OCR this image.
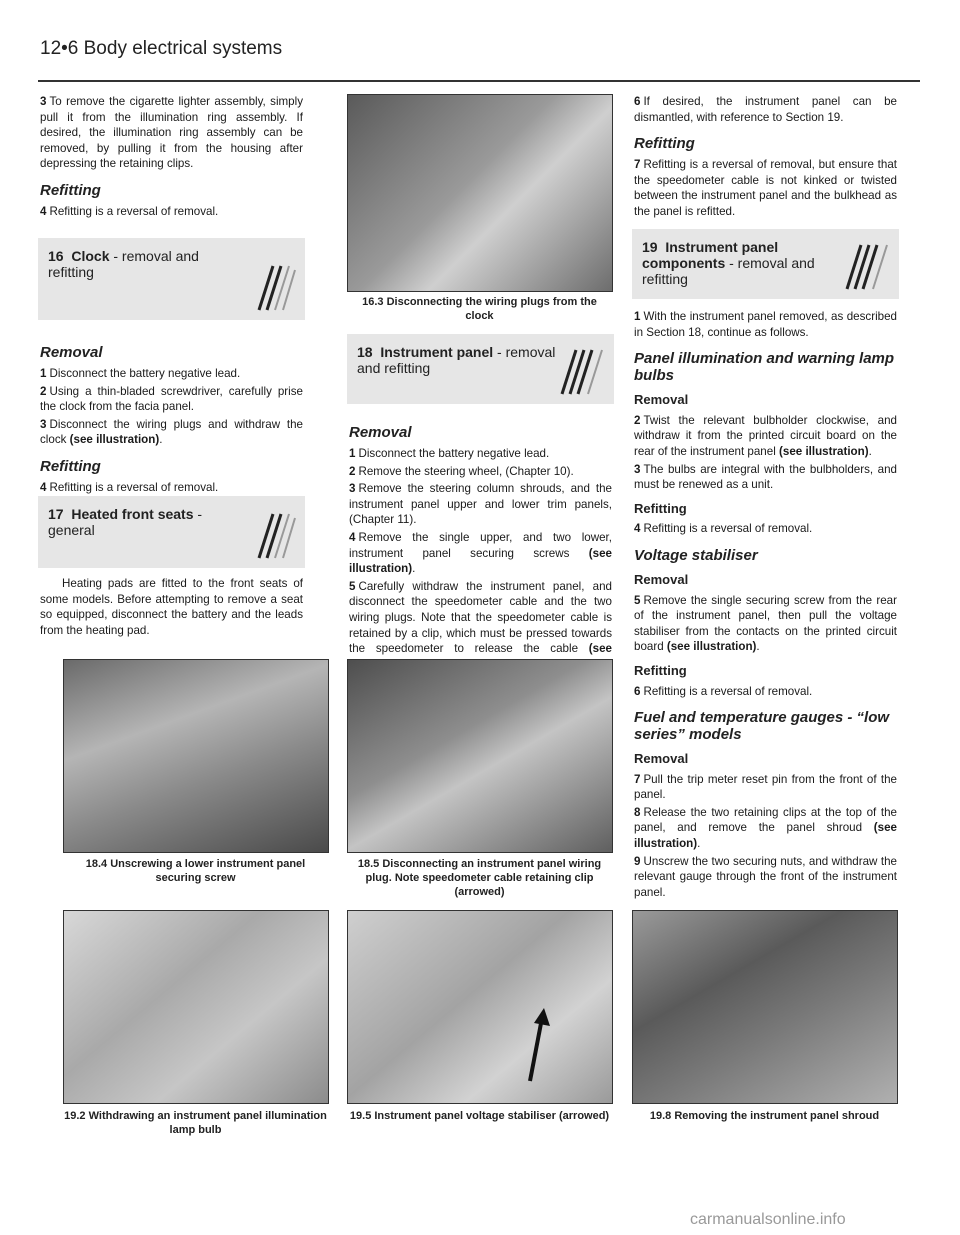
12•6 Body electrical systems

3 To remove the cigarette lighter assembly, simply pull it from the illumination ring assembly. If desired, the illumination ring assembly can be removed, by pulling it from the housing after depressing the retaining clips.

Refitting

4 Refitting is a reversal of removal.

16 Clock - removal and refitting
Removal

1 Disconnect the battery negative lead.

2 Using a thin-bladed screwdriver, carefully prise the clock from the facia panel.

3 Disconnect the wiring plugs and withdraw the clock (see illustration).

Refitting

4 Refitting is a reversal of removal.

17 Heated front seats - general

Heating pads are fitted to the front seats of some models. Before attempting to remove a seat so equipped, disconnect the battery and the leads from the heating pad.

16.3 Disconnecting the wiring plugs from the clock
18 Instrument panel - removal and refitting
Removal

1 Disconnect the battery negative lead.

2 Remove the steering wheel, (Chapter 10).

3 Remove the steering column shrouds, and the instrument panel upper and lower trim panels, (Chapter 11).

4 Remove the single upper, and two lower, instrument panel securing screws (see illustration).

5 Carefully withdraw the instrument panel, and disconnect the speedometer cable and the two wiring plugs. Note that the speedometer cable is retained by a clip, which must be pressed towards the speedometer to release the cable (see

6 If desired, the instrument panel can be dismantled, with reference to Section 19.

Refitting

7 Refitting is a reversal of removal, but ensure that the speedometer cable is not kinked or twisted between the instrument panel and the bulkhead as the panel is refitted.

19 Instrument panel components - removal and refitting

1 With the instrument panel removed, as described in Section 18, continue as follows.

Panel illumination and warning lamp bulbs
Removal

2 Twist the relevant bulbholder clockwise, and withdraw it from the printed circuit board on the rear of the instrument panel (see illustration).

3 The bulbs are integral with the bulbholders, and must be renewed as a unit.

Refitting

4 Refitting is a reversal of removal.

Voltage stabiliser
Removal

5 Remove the single securing screw from the rear of the instrument panel, then pull the voltage stabiliser from the contacts on the printed circuit board (see illustration).

Refitting

6 Refitting is a reversal of removal.

Fuel and temperature gauges - “low series” models
Removal

7 Pull the trip meter reset pin from the front of the panel.

8 Release the two retaining clips at the top of the panel, and remove the panel shroud (see illustration).

9 Unscrew the two securing nuts, and withdraw the relevant gauge through the front of the instrument panel.

18.4 Unscrewing a lower instrument panel securing screw
18.5 Disconnecting an instrument panel wiring plug. Note speedometer cable retaining clip (arrowed)
19.2 Withdrawing an instrument panel illumination lamp bulb
19.5 Instrument panel voltage stabiliser (arrowed)	19.8 Removing the instrument panel shroud
carmanualsonline.info
